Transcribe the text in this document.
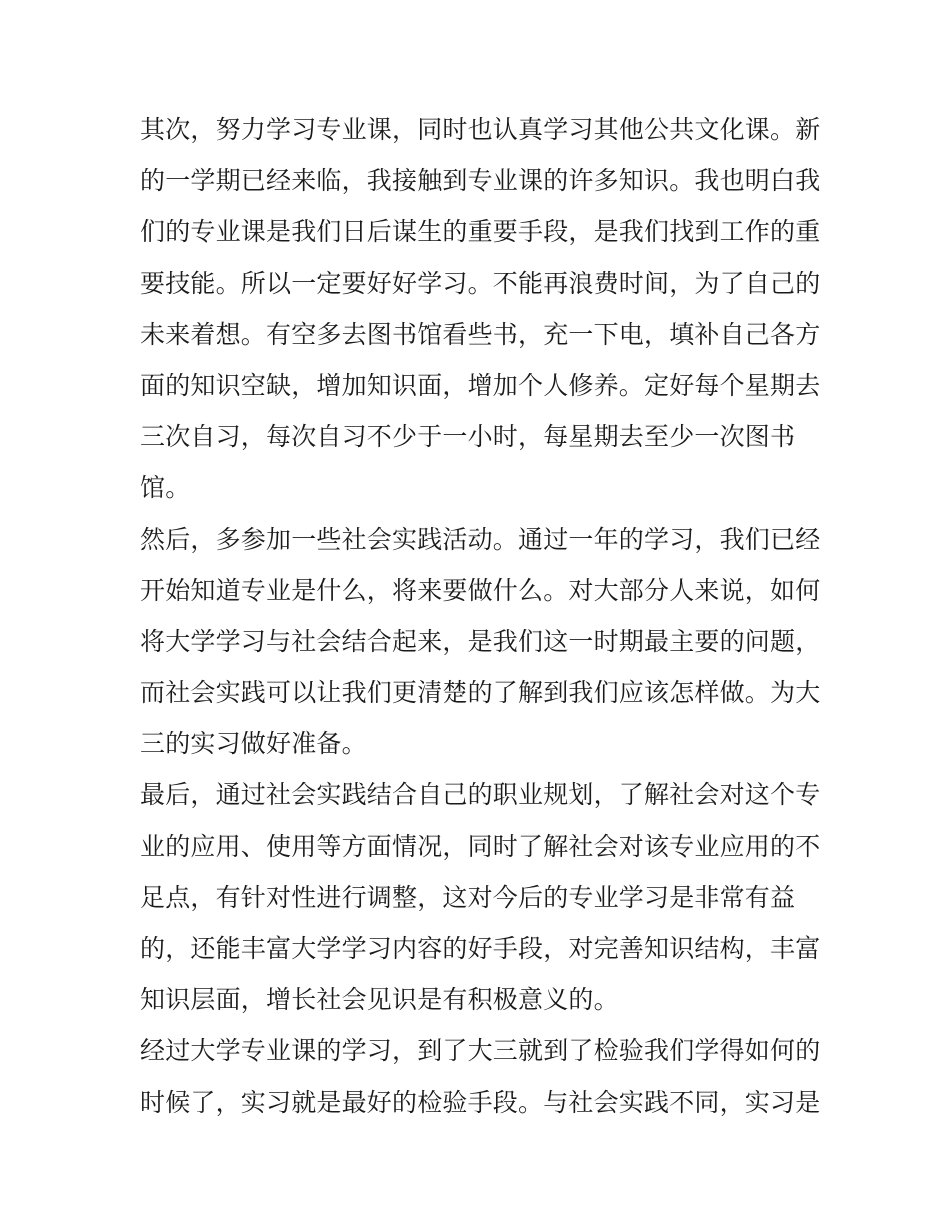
其次，努力学习专业课，同时也认真学习其他公共文化课。新
的一学期已经来临，我接触到专业课的许多知识。我也明白我
们的专业课是我们日后谋生的重要手段，是我们找到工作的重
要技能。所以一定要好好学习。不能再浪费时间，为了自己的
未来着想。有空多去图书馆看些书，充一下电，填补自己各方
面的知识空缺，增加知识面，增加个人修养。定好每个星期去
三次自习，每次自习不少于一小时，每星期去至少一次图书
馆。
然后，多参加一些社会实践活动。通过一年的学习，我们已经
开始知道专业是什么，将来要做什么。对大部分人来说，如何
将大学学习与社会结合起来，是我们这一时期最主要的问题，
而社会实践可以让我们更清楚的了解到我们应该怎样做。为大
三的实习做好准备。
最后，通过社会实践结合自己的职业规划，了解社会对这个专
业的应用、使用等方面情况，同时了解社会对该专业应用的不
足点，有针对性进行调整，这对今后的专业学习是非常有益
的，还能丰富大学学习内容的好手段，对完善知识结构，丰富
知识层面，增长社会见识是有积极意义的。
经过大学专业课的学习，到了大三就到了检验我们学得如何的
时候了，实习就是最好的检验手段。与社会实践不同，实习是
